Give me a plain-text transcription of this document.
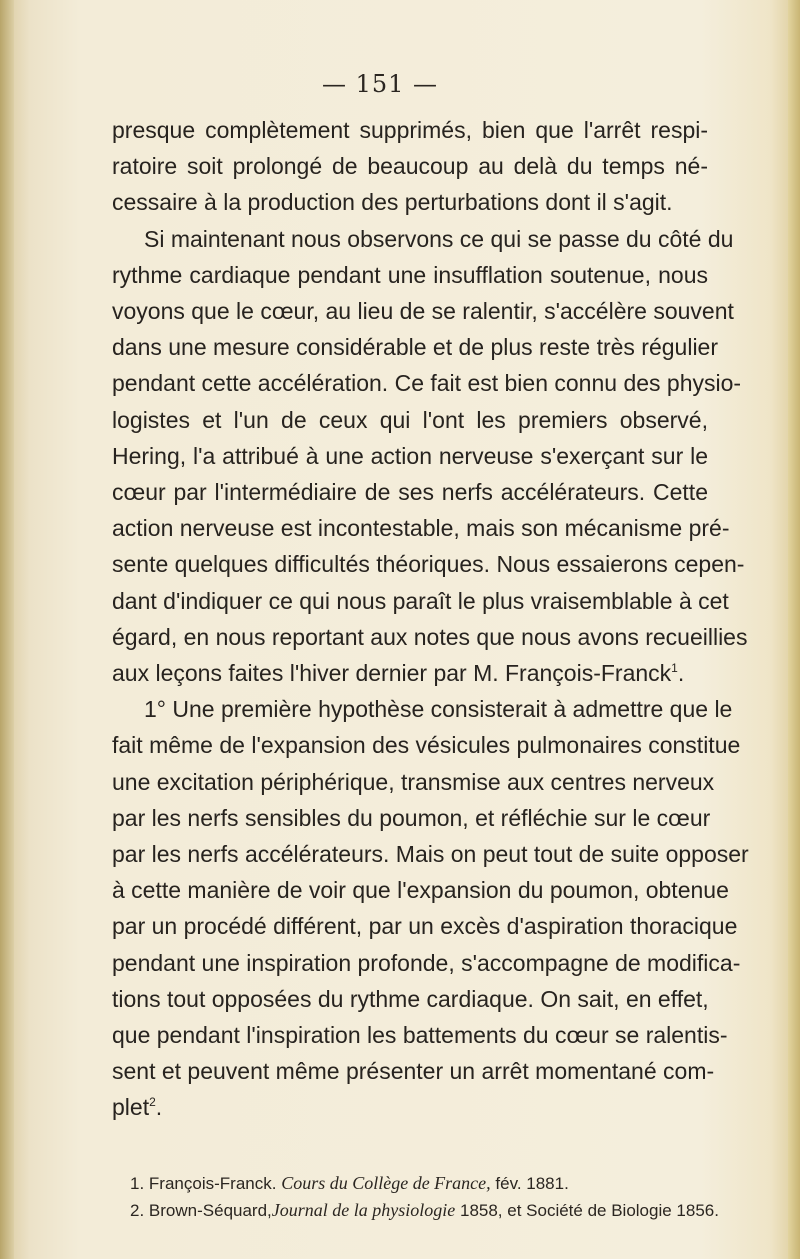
— 151 —

presque complètement supprimés, bien que l'arrêt respi-
ratoire soit prolongé de beaucoup au delà du temps né-
cessaire à la production des perturbations dont il s'agit.

Si maintenant nous observons ce qui se passe du côté du
rythme cardiaque pendant une insufflation soutenue, nous
voyons que le cœur, au lieu de se ralentir, s'accélère souvent
dans une mesure considérable et de plus reste très régulier
pendant cette accélération. Ce fait est bien connu des physio-
logistes et l'un de ceux qui l'ont les premiers observé,
Hering, l'a attribué à une action nerveuse s'exerçant sur le
cœur par l'intermédiaire de ses nerfs accélérateurs. Cette
action nerveuse est incontestable, mais son mécanisme pré-
sente quelques difficultés théoriques. Nous essaierons cepen-
dant d'indiquer ce qui nous paraît le plus vraisemblable à cet
égard, en nous reportant aux notes que nous avons recueillies
aux leçons faites l'hiver dernier par M. François-Franck$^1$.

1° Une première hypothèse consisterait à admettre que le
fait même de l'expansion des vésicules pulmonaires constitue
une excitation périphérique, transmise aux centres nerveux
par les nerfs sensibles du poumon, et réfléchie sur le cœur
par les nerfs accélérateurs. Mais on peut tout de suite opposer
à cette manière de voir que l'expansion du poumon, obtenue
par un procédé différent, par un excès d'aspiration thoracique
pendant une inspiration profonde, s'accompagne de modifica-
tions tout opposées du rythme cardiaque. On sait, en effet,
que pendant l'inspiration les battements du cœur se ralentis-
sent et peuvent même présenter un arrêt momentané com-
plet$^2$.

1. François-Franck. Cours du Collège de France, fév. 1881.
2. Brown-Séquard,Journal de la physiologie 1858, et Société de Biologie 1856.
